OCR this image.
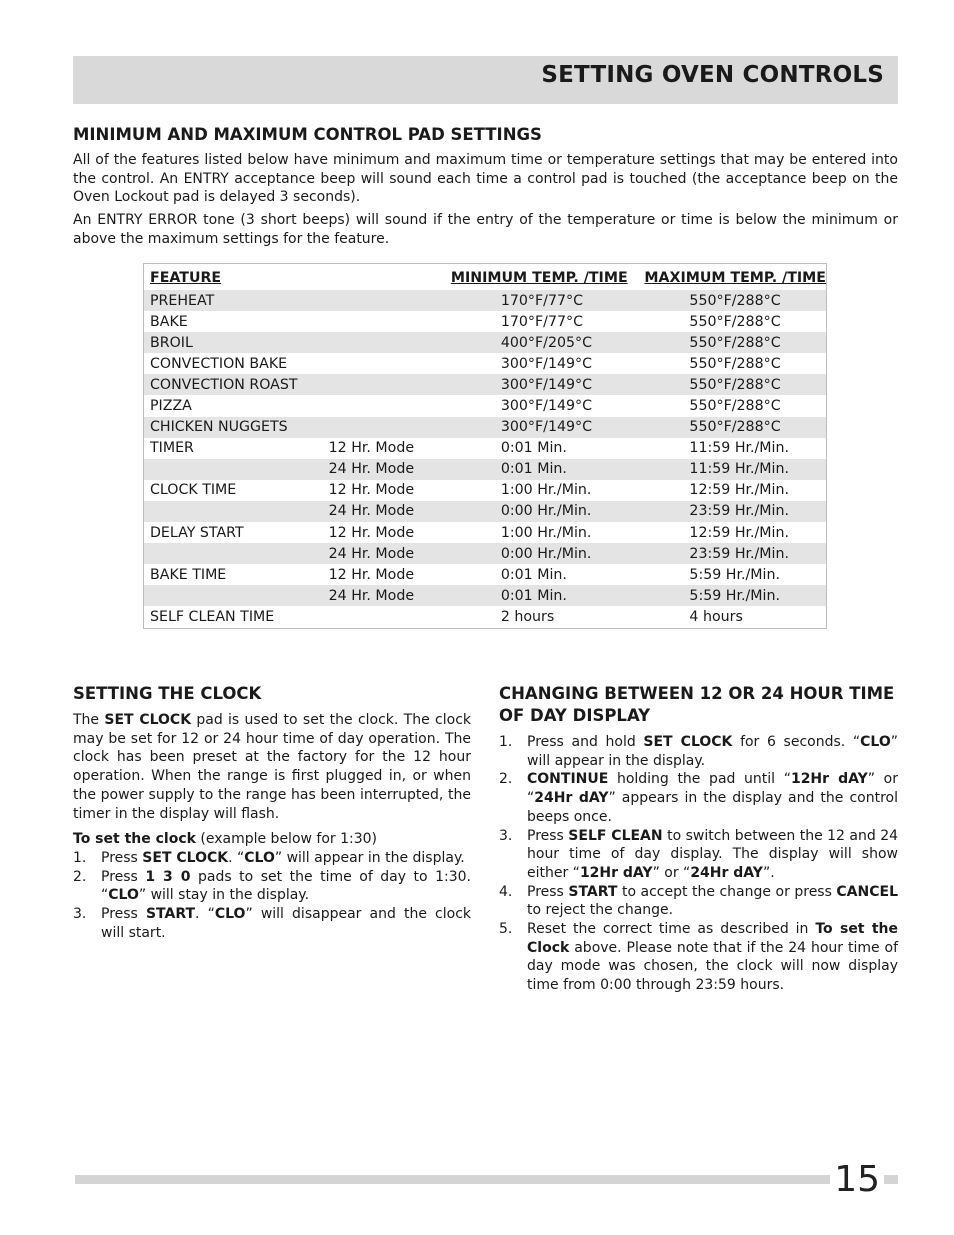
SETTING OVEN CONTROLS
MINIMUM AND MAXIMUM CONTROL PAD SETTINGS

All of the features listed below have minimum and maximum time or temperature settings that may be entered into the control. An ENTRY acceptance beep will sound each time a control pad is touched (the acceptance beep on the Oven Lockout pad is delayed 3 seconds).

An ENTRY ERROR tone (3 short beeps) will sound if the entry of the temperature or time is below the minimum or above the maximum settings for the feature.

FEATURE		MINIMUM TEMP. /TIME	MAXIMUM TEMP. /TIME
PREHEAT		170°F/77°C	550°F/288°C
BAKE		170°F/77°C	550°F/288°C
BROIL		400°F/205°C	550°F/288°C
CONVECTION BAKE		300°F/149°C	550°F/288°C
CONVECTION ROAST		300°F/149°C	550°F/288°C
PIZZA		300°F/149°C	550°F/288°C
CHICKEN NUGGETS		300°F/149°C	550°F/288°C
TIMER	12 Hr. Mode	0:01 Min.	11:59 Hr./Min.
	24 Hr. Mode	0:01 Min.	11:59 Hr./Min.
CLOCK TIME	12 Hr. Mode	1:00 Hr./Min.	12:59 Hr./Min.
	24 Hr. Mode	0:00 Hr./Min.	23:59 Hr./Min.
DELAY START	12 Hr. Mode	1:00 Hr./Min.	12:59 Hr./Min.
	24 Hr. Mode	0:00 Hr./Min.	23:59 Hr./Min.
BAKE TIME	12 Hr. Mode	0:01 Min.	5:59 Hr./Min.
	24 Hr. Mode	0:01 Min.	5:59 Hr./Min.
SELF CLEAN TIME		2 hours	4 hours
SETTING THE CLOCK

The SET CLOCK pad is used to set the clock. The clock may be set for 12 or 24 hour time of day operation. The clock has been preset at the factory for the 12 hour operation. When the range is first plugged in, or when the power supply to the range has been interrupted, the timer in the display will flash.

To set the clock (example below for 1:30)

1. Press SET CLOCK. “CLO” will appear in the display.
2. Press 1 3 0 pads to set the time of day to 1:30. “CLO” will stay in the display.
3. Press START. “CLO” will disappear and the clock will start.
CHANGING BETWEEN 12 OR 24 HOUR TIME OF DAY DISPLAY
1. Press and hold SET CLOCK for 6 seconds. “CLO” will appear in the display.
2. CONTINUE holding the pad until “12Hr dAY” or “24Hr dAY” appears in the display and the control beeps once.
3. Press SELF CLEAN to switch between the 12 and 24 hour time of day display. The display will show either “12Hr dAY” or “24Hr dAY”.
4. Press START to accept the change or press CANCEL to reject the change.
5. Reset the correct time as described in To set the Clock above. Please note that if the 24 hour time of day mode was chosen, the clock will now display time from 0:00 through 23:59 hours.
15
